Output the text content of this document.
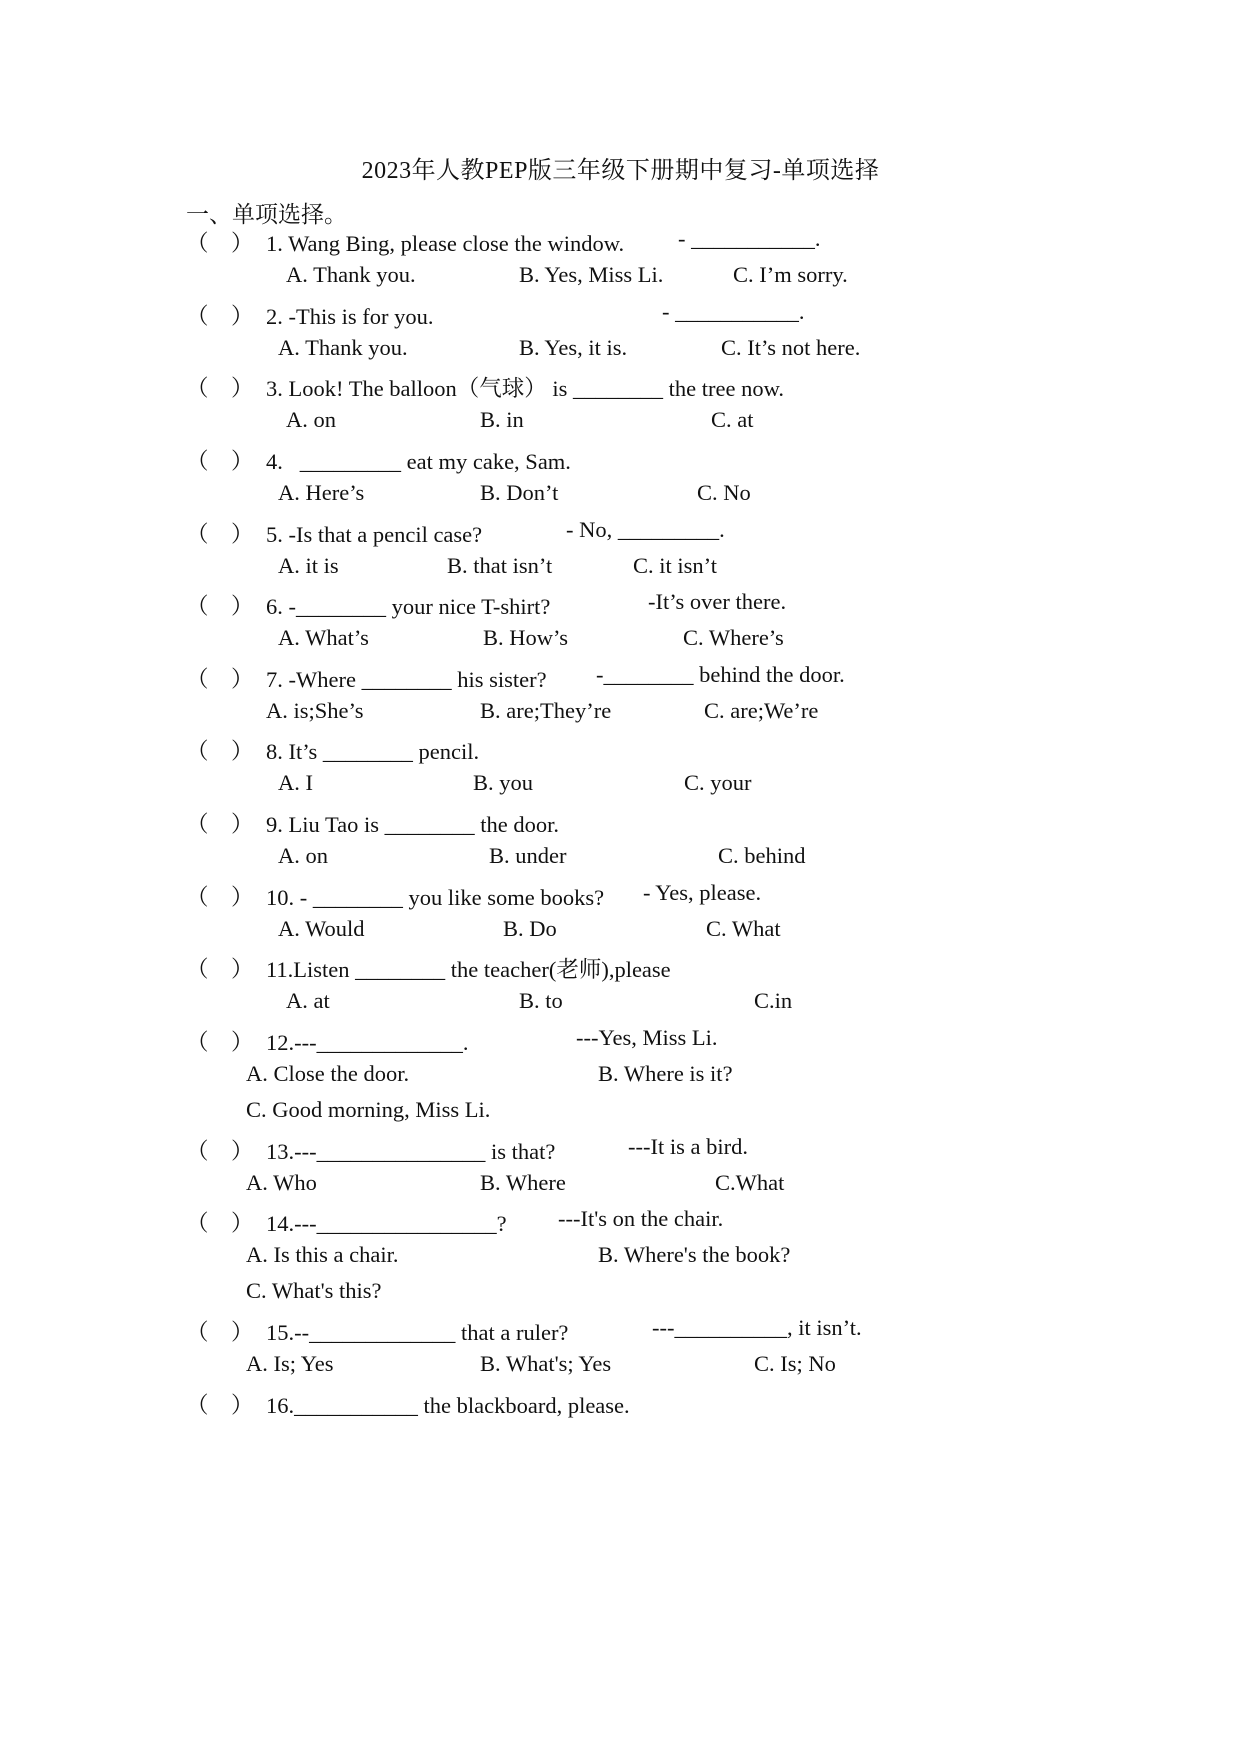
2023年人教PEP版三年级下册期中复习-单项选择
一、单项选择。
（　） 1. Wang Bing, please close the window. - ___________.
A. Thank you.	B. Yes, Miss Li.	C. I’m sorry.
（　） 2. -This is for you.	- ___________.
A. Thank you.	B. Yes, it is.	C. It’s not here.
（　） 3. Look! The balloon（气球） is ________ the tree now.
A. on	B. in	C. at
（　） 4.   _________ eat my cake, Sam.
A. Here’s	B. Don’t	C. No
（　） 5. -Is that a pencil case?	- No, _________.
A. it is	B. that isn’t	C. it isn’t
（　） 6. -________ your nice T-shirt?	-It’s over there.
A. What’s	B. How’s	C. Where’s
（　） 7. -Where ________ his sister? -________ behind the door.
A. is;She’s	B. are;They’re	C. are;We’re
（　） 8. It’s ________ pencil.
A. I	B. you	C. your
（　） 9. Liu Tao is ________ the door.
A. on	B. under	C. behind
（　） 10. - ________ you like some books? - Yes, please.
A. Would	B. Do	C. What
（　） 11.Listen ________ the teacher(老师),please
A. at	B. to	C.in
（　） 12.---_____________.	---Yes, Miss Li.
A. Close the door.	B. Where is it?
C. Good morning, Miss Li.
（　） 13.---_______________ is that?	---It is a bird.
A. Who	B. Where	C.What
（　） 14.---________________? ---It's on the chair.
A. Is this a chair.	B. Where's the book?
C. What's this?
（　） 15.--_____________ that a ruler?	---__________, it isn’t.
A. Is; Yes	B. What's; Yes	C. Is; No
（　） 16.___________ the blackboard, please.
